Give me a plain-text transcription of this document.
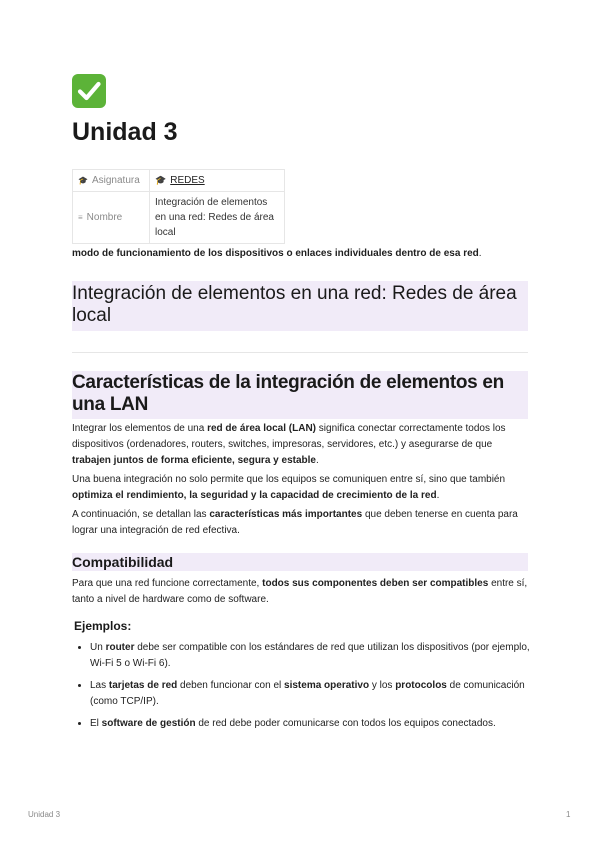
Unidad 3
🎓 Asignatura	🎓 REDES
≡ Nombre	Integración de elementos en una red: Redes de área local
modo de funcionamiento de los dispositivos o enlaces individuales dentro de esa red.
Integración de elementos en una red: Redes de área local
Características de la integración de elementos en una LAN

Integrar los elementos de una red de área local (LAN) significa conectar correctamente todos los dispositivos (ordenadores, routers, switches, impresoras, servidores, etc.) y asegurarse de que trabajen juntos de forma eficiente, segura y estable.

Una buena integración no solo permite que los equipos se comuniquen entre sí, sino que también optimiza el rendimiento, la seguridad y la capacidad de crecimiento de la red.

A continuación, se detallan las características más importantes que deben tenerse en cuenta para lograr una integración de red efectiva.

Compatibilidad

Para que una red funcione correctamente, todos sus componentes deben ser compatibles entre sí, tanto a nivel de hardware como de software.

Ejemplos:
• Un router debe ser compatible con los estándares de red que utilizan los dispositivos (por ejemplo, Wi-Fi 5 o Wi-Fi 6).
• Las tarjetas de red deben funcionar con el sistema operativo y los protocolos de comunicación (como TCP/IP).
• El software de gestión de red debe poder comunicarse con todos los equipos conectados.
Unidad 3	1
